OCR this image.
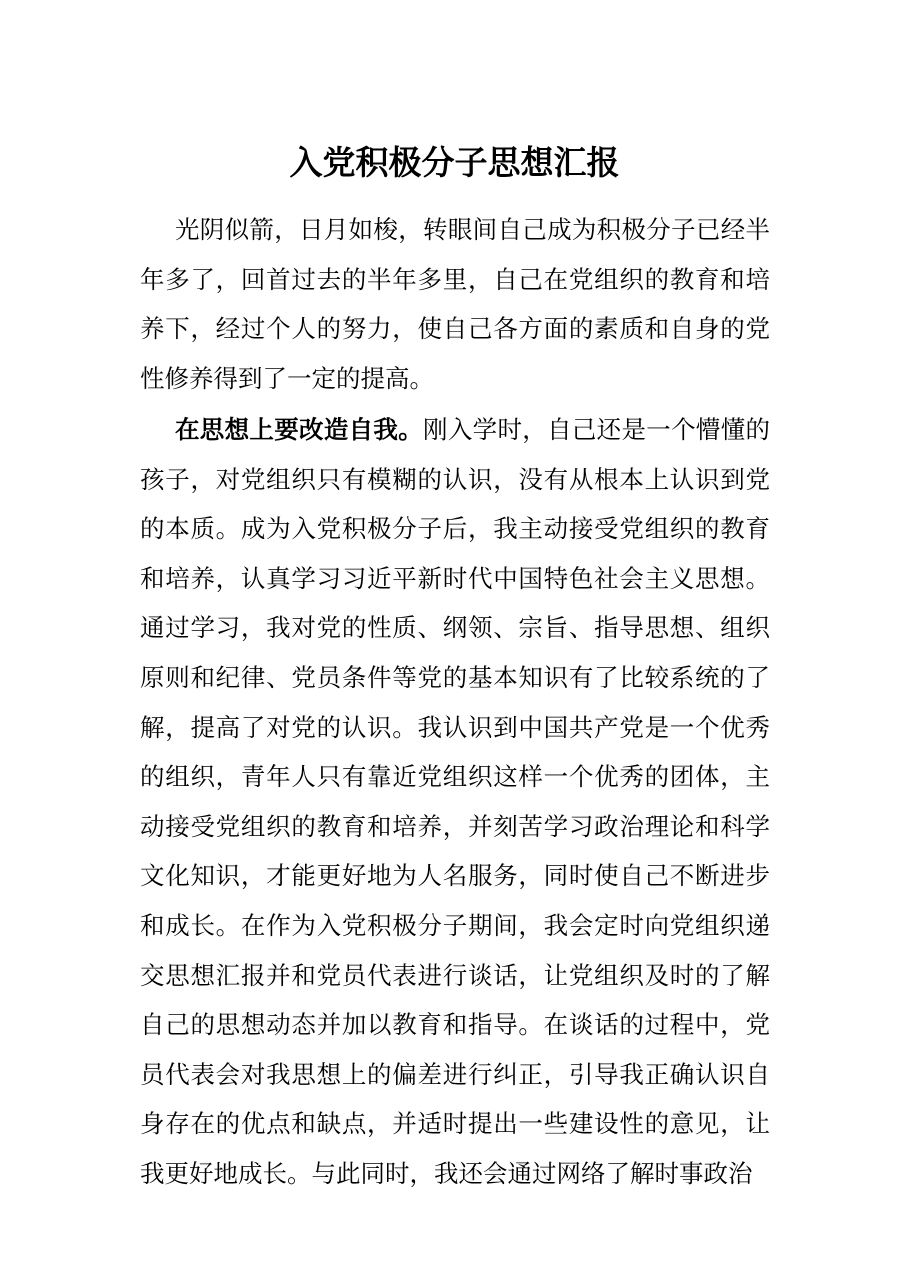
入党积极分子思想汇报

光阴似箭，日月如梭，转眼间自己成为积极分子已经半年多了，回首过去的半年多里，自己在党组织的教育和培养下，经过个人的努力，使自己各方面的素质和自身的党性修养得到了一定的提高。

在思想上要改造自我。刚入学时，自己还是一个懵懂的孩子，对党组织只有模糊的认识，没有从根本上认识到党的本质。成为入党积极分子后，我主动接受党组织的教育和培养，认真学习习近平新时代中国特色社会主义思想。通过学习，我对党的性质、纲领、宗旨、指导思想、组织原则和纪律、党员条件等党的基本知识有了比较系统的了解，提高了对党的认识。我认识到中国共产党是一个优秀的组织，青年人只有靠近党组织这样一个优秀的团体，主动接受党组织的教育和培养，并刻苦学习政治理论和科学文化知识，才能更好地为人名服务，同时使自己不断进步和成长。在作为入党积极分子期间，我会定时向党组织递交思想汇报并和党员代表进行谈话，让党组织及时的了解自己的思想动态并加以教育和指导。在谈话的过程中，党员代表会对我思想上的偏差进行纠正，引导我正确认识自身存在的优点和缺点，并适时提出一些建设性的意见，让我更好地成长。与此同时，我还会通过网络了解时事政治
